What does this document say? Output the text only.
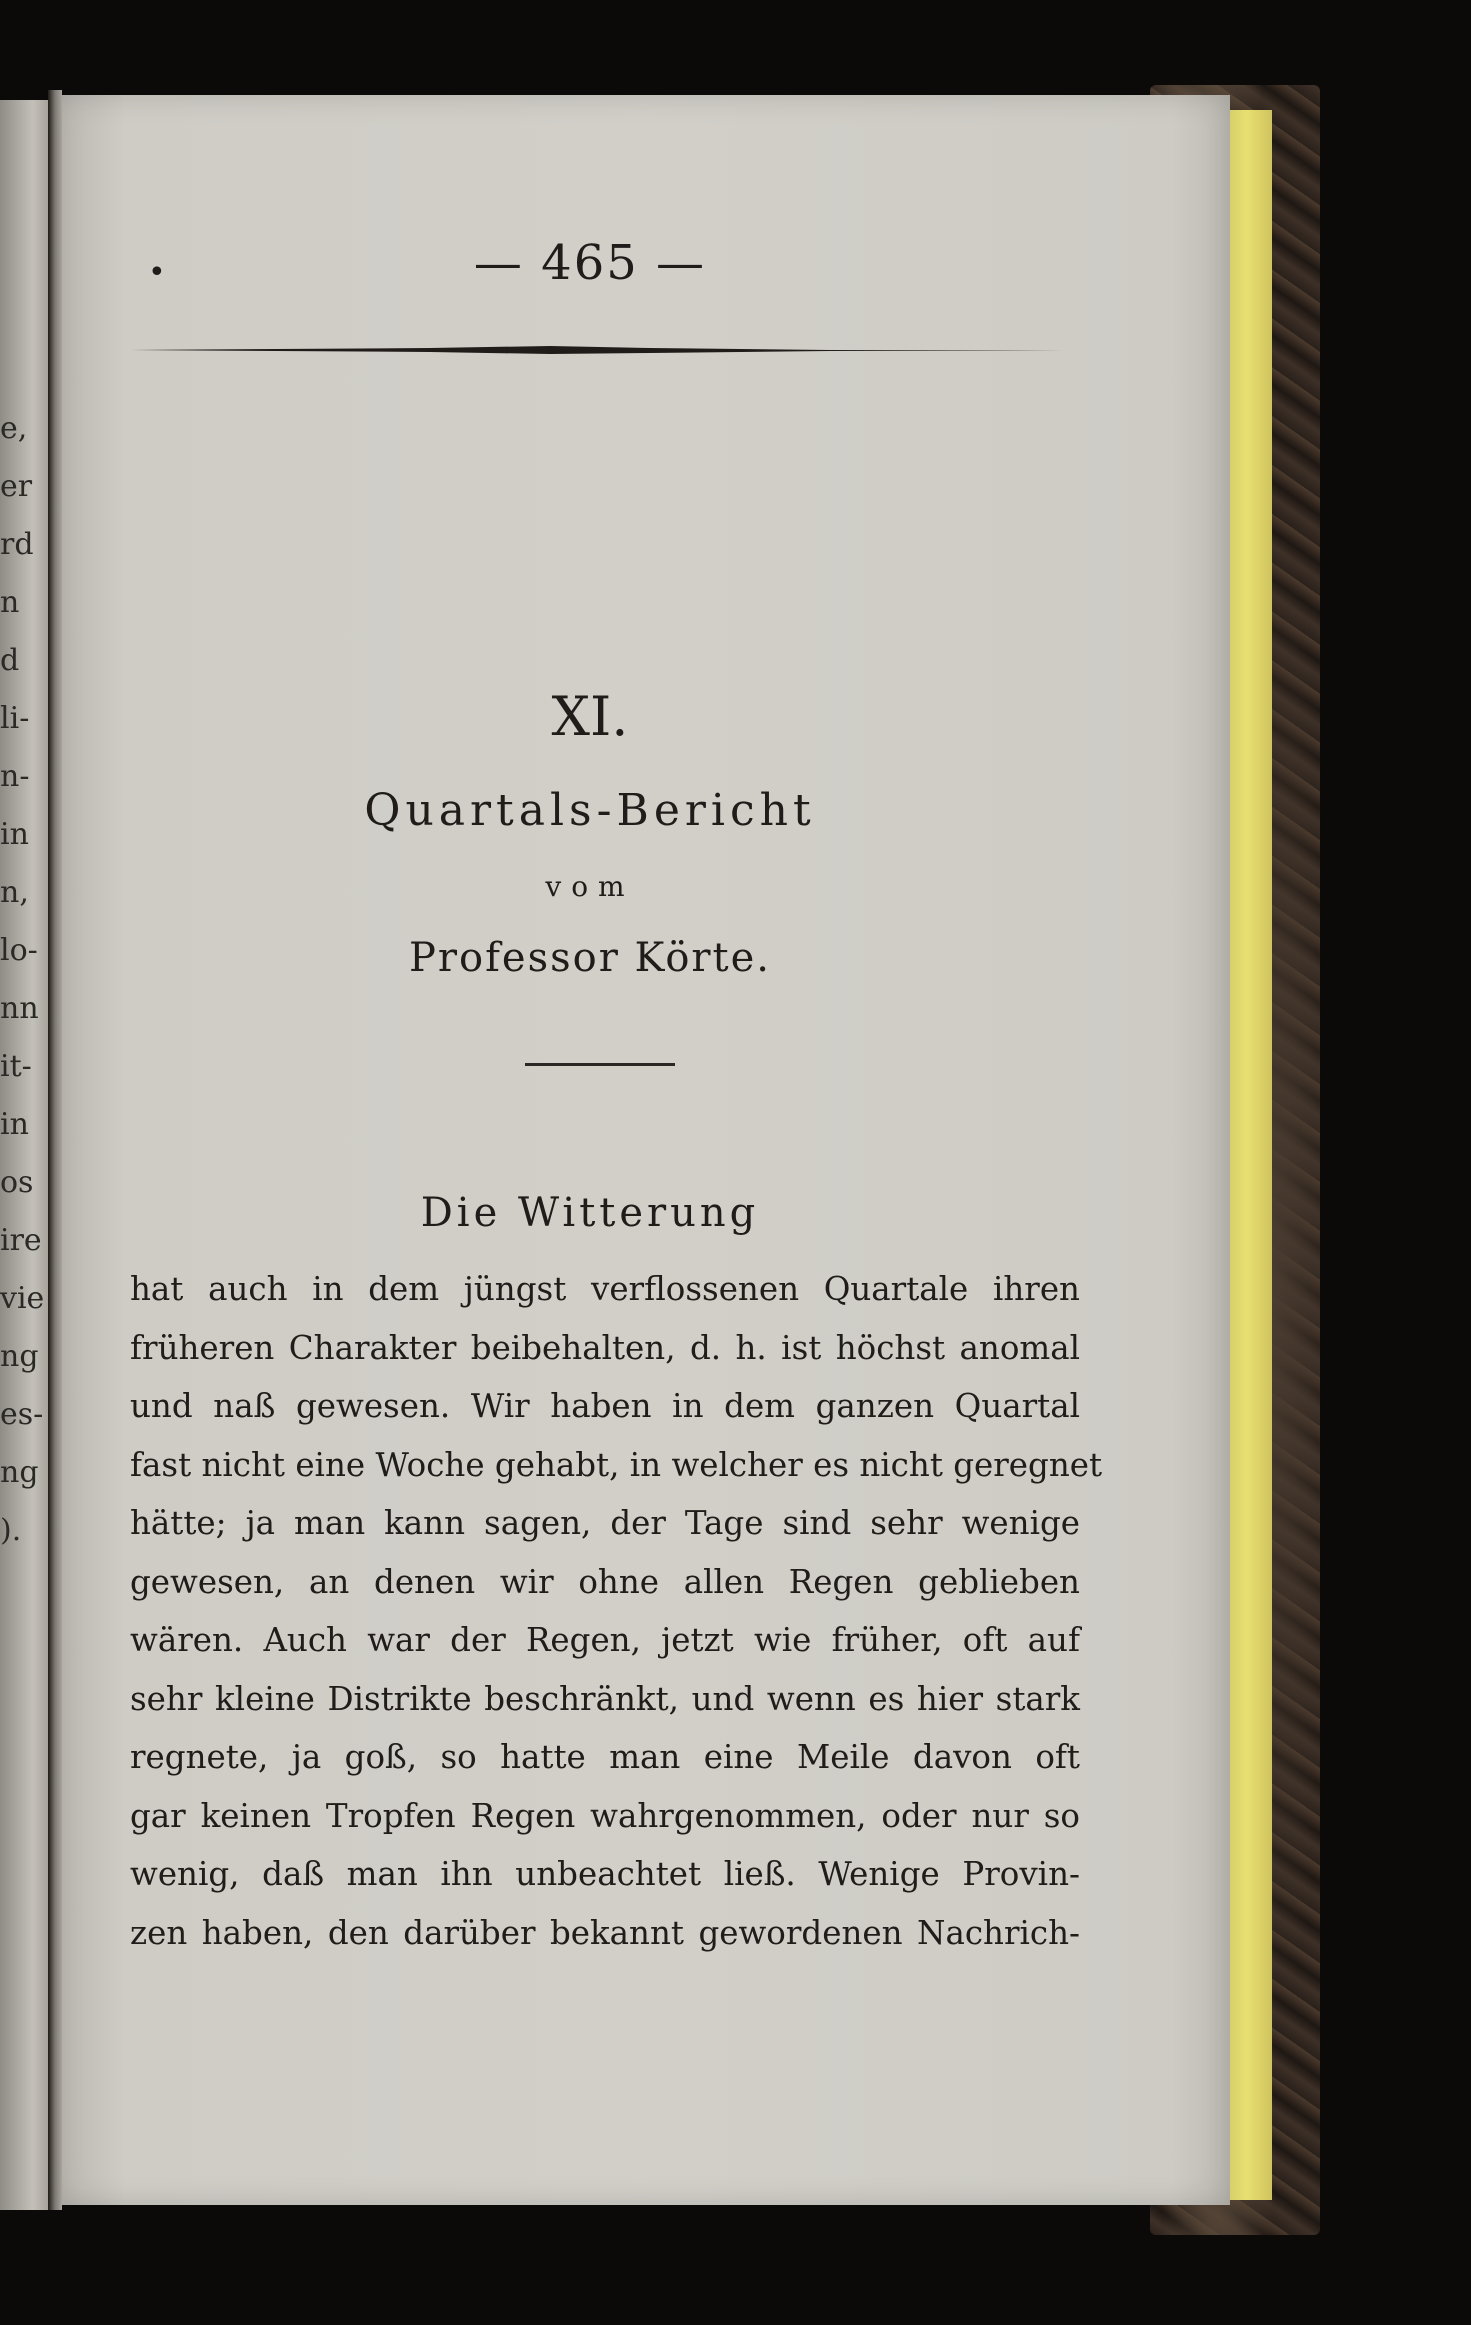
e,
er
rd
n
d
li-
n-
in
n,
lo-
nn
it-
in
os
ire
vie
ng
es-
ng
).
•	— 465 —
XI.
Quartals-Bericht
vom
Professor Körte.
Die Witterung
hat auch in dem jüngst verflossenen Quartale ihren
früheren Charakter beibehalten, d. h. ist höchst anomal
und naß gewesen. Wir haben in dem ganzen Quartal
fast nicht eine Woche gehabt, in welcher es nicht geregnet
hätte; ja man kann sagen, der Tage sind sehr wenige
gewesen, an denen wir ohne allen Regen geblieben
wären. Auch war der Regen, jetzt wie früher, oft auf
sehr kleine Distrikte beschränkt, und wenn es hier stark
regnete, ja goß, so hatte man eine Meile davon oft
gar keinen Tropfen Regen wahrgenommen, oder nur so
wenig, daß man ihn unbeachtet ließ. Wenige Provin-
zen haben, den darüber bekannt gewordenen Nachrich-
